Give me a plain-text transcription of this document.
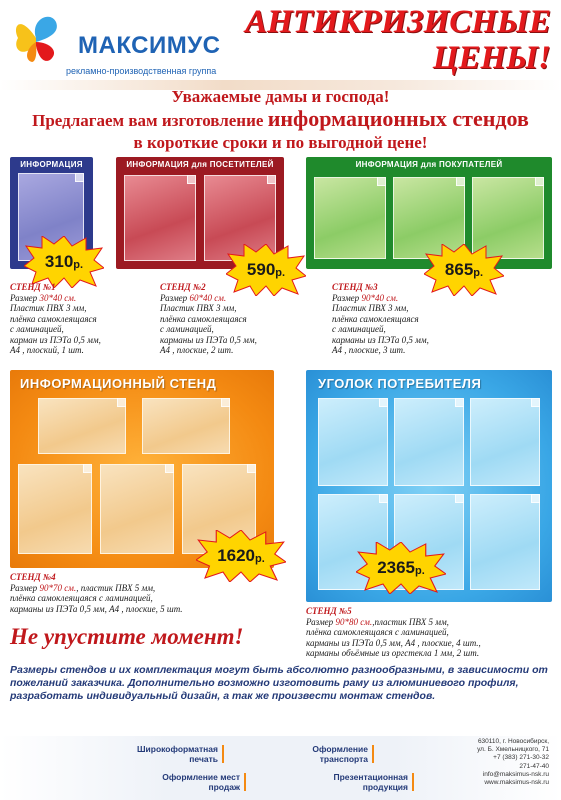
МАКСИМУС
рекламно-производственная группа
АНТИКРИЗИСНЫЕ
ЦЕНЫ!
Уважаемые дамы и господа!
Предлагаем вам изготовление информационных стендов
в короткие сроки и по выгодной цене!
ИНФОРМАЦИЯ	ИНФОРМАЦИЯ для ПОСЕТИТЕЛЕЙ	ИНФОРМАЦИЯ для ПОКУПАТЕЛЕЙ
ИНФОРМАЦИОННЫЙ СТЕНД	УГОЛОК ПОТРЕБИТЕЛЯ
310 р.	590 р.	865 р.
1620 р.	2365 р.
СТЕНД №1
Размер 30*40 см.
Пластик ПВХ 3 мм,
плёнка самоклеящаяся
с ламинацией,
карман из ПЭТа 0,5 мм,
А4 , плоский, 1 шт.
СТЕНД №2
Размер 60*40 см.
Пластик ПВХ 3 мм,
плёнка самоклеящаяся
с ламинацией,
карманы из ПЭТа 0,5 мм,
А4 , плоские, 2 шт.
СТЕНД №3
Размер 90*40 см.
Пластик ПВХ 3 мм,
плёнка самоклеящаяся
с ламинацией,
карманы из ПЭТа 0,5 мм,
А4 , плоские, 3 шт.
СТЕНД №4
Размер 90*70 см., пластик ПВХ 5 мм,
плёнка самоклеящаяся с ламинацией,
карманы из ПЭТа 0,5 мм, А4 , плоские, 5 шт.	СТЕНД №5
Размер 90*80 см.,пластик ПВХ 5 мм,
плёнка самоклеящаяся с ламинацией,
карманы из ПЭТа 0,5 мм, А4 , плоские, 4 шт.,
карманы объёмные из оргстекла 1 мм, 2 шт.
Не упустите момент!
Размеры стендов и их комплектация могут быть абсолютно разнообразными, в зависимости от пожеланий заказчика. Дополнительно возможно изготовить раму из алюминиевого профиля, разработать индивидуальный дизайн, а так же произвести монтаж стендов.
Широкоформатная
печать
Оформление
транспорта
Оформление мест
продаж
Презентационная
продукция
630110, г. Новосибирск,
ул. Б. Хмельницкого, 71
+7 (383) 271-30-32
271-47-40
info@maksimus-nsk.ru
www.maksimus-nsk.ru
